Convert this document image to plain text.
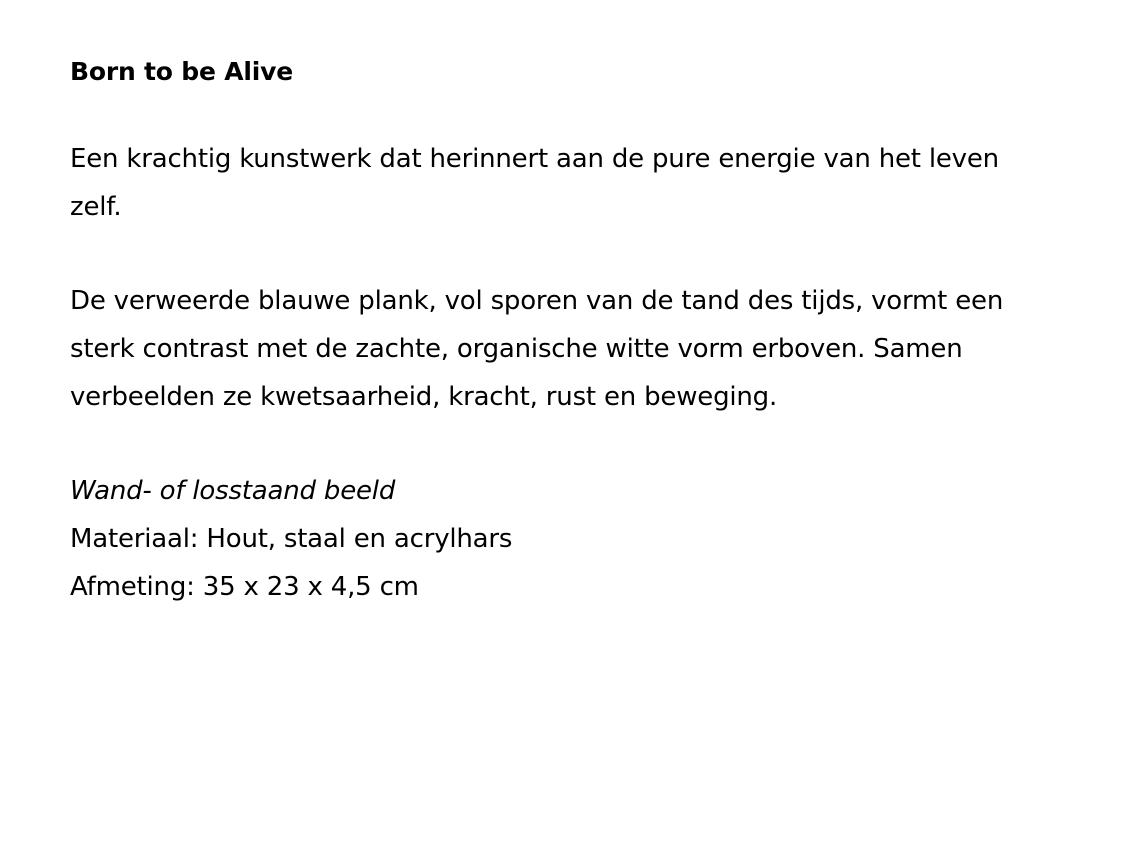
Born to be Alive

Een krachtig kunstwerk dat herinnert aan de pure energie van het leven zelf.

De verweerde blauwe plank, vol sporen van de tand des tijds, vormt een sterk contrast met de zachte, organische witte vorm erboven. Samen verbeelden ze kwetsaarheid, kracht, rust en beweging.

Wand- of losstaand beeld

Materiaal: Hout, staal en acrylhars

Afmeting: 35 x 23 x 4,5 cm
